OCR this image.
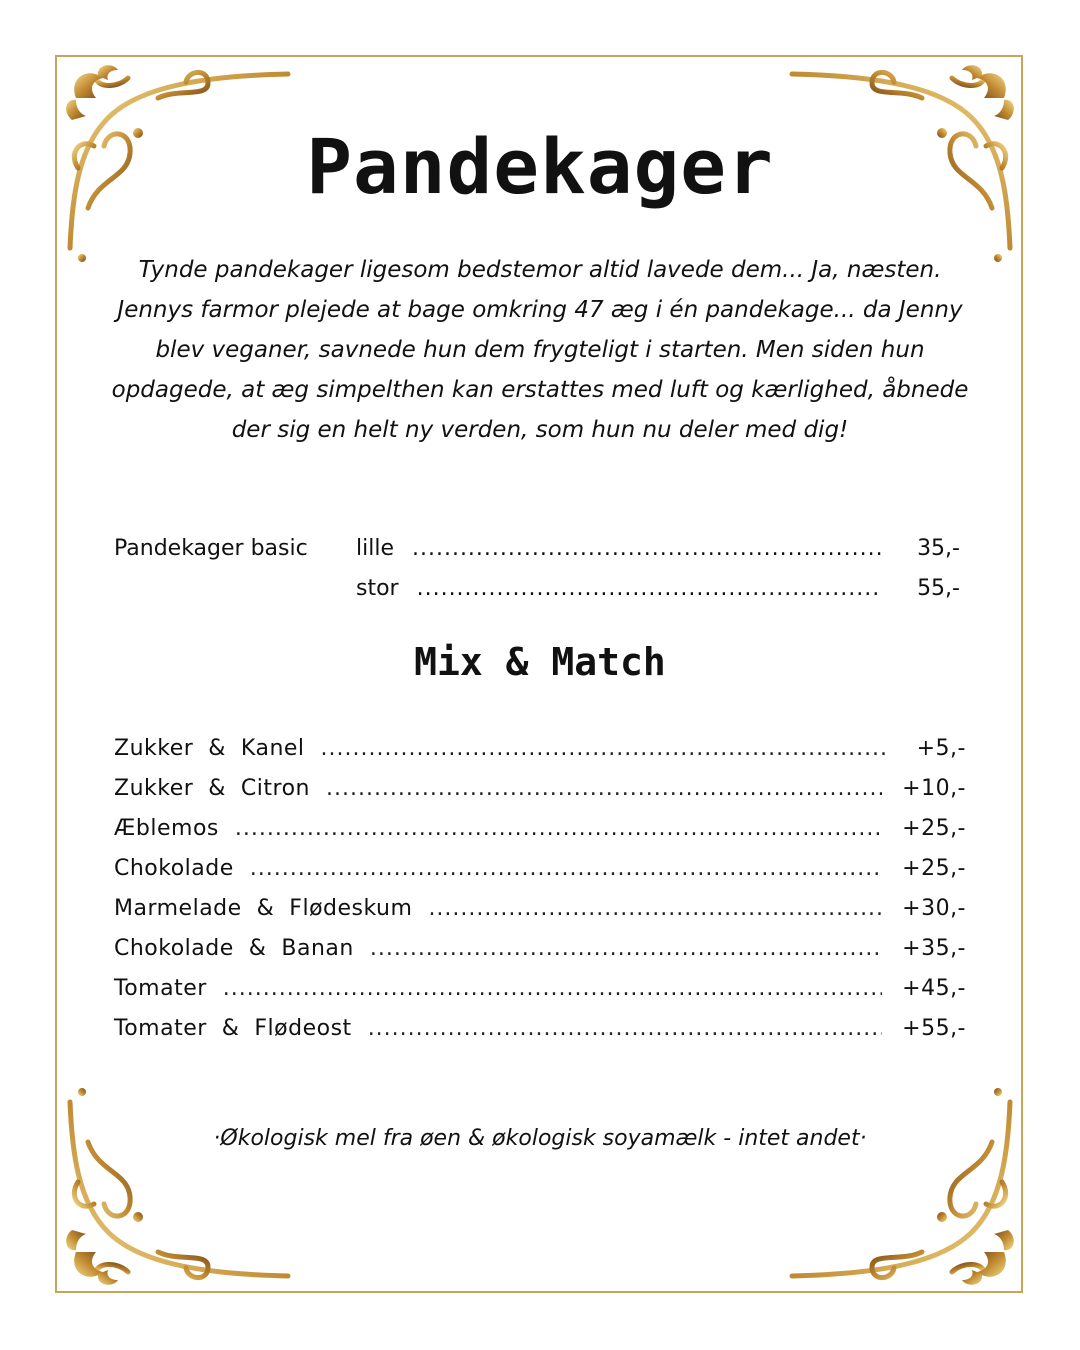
Pandekager
Tynde pandekager ligesom bedstemor altid lavede dem... Ja, næsten.
Jennys farmor plejede at bage omkring 47 æg i én pandekage... da Jenny
blev veganer, savnede hun dem frygteligt i starten. Men siden hun
opdagede, at æg simpelthen kan erstattes med luft og kærlighed, åbnede
der sig en helt ny verden, som hun nu deler med dig!
Pandekager basic lille .....	35,-
stor .....	55,-
Mix & Match
Zukker  &  Kanel .....	+5,-
Zukker  &  Citron .....	+10,-
Æblemos .....	+25,-
Chokolade .....	+25,-
Marmelade  &  Flødeskum .....	+30,-
Chokolade  &  Banan .....	+35,-
Tomater .....	+45,-
Tomater  &  Flødeost .....	+55,-
·Økologisk mel fra øen & økologisk soyamælk - intet andet·
